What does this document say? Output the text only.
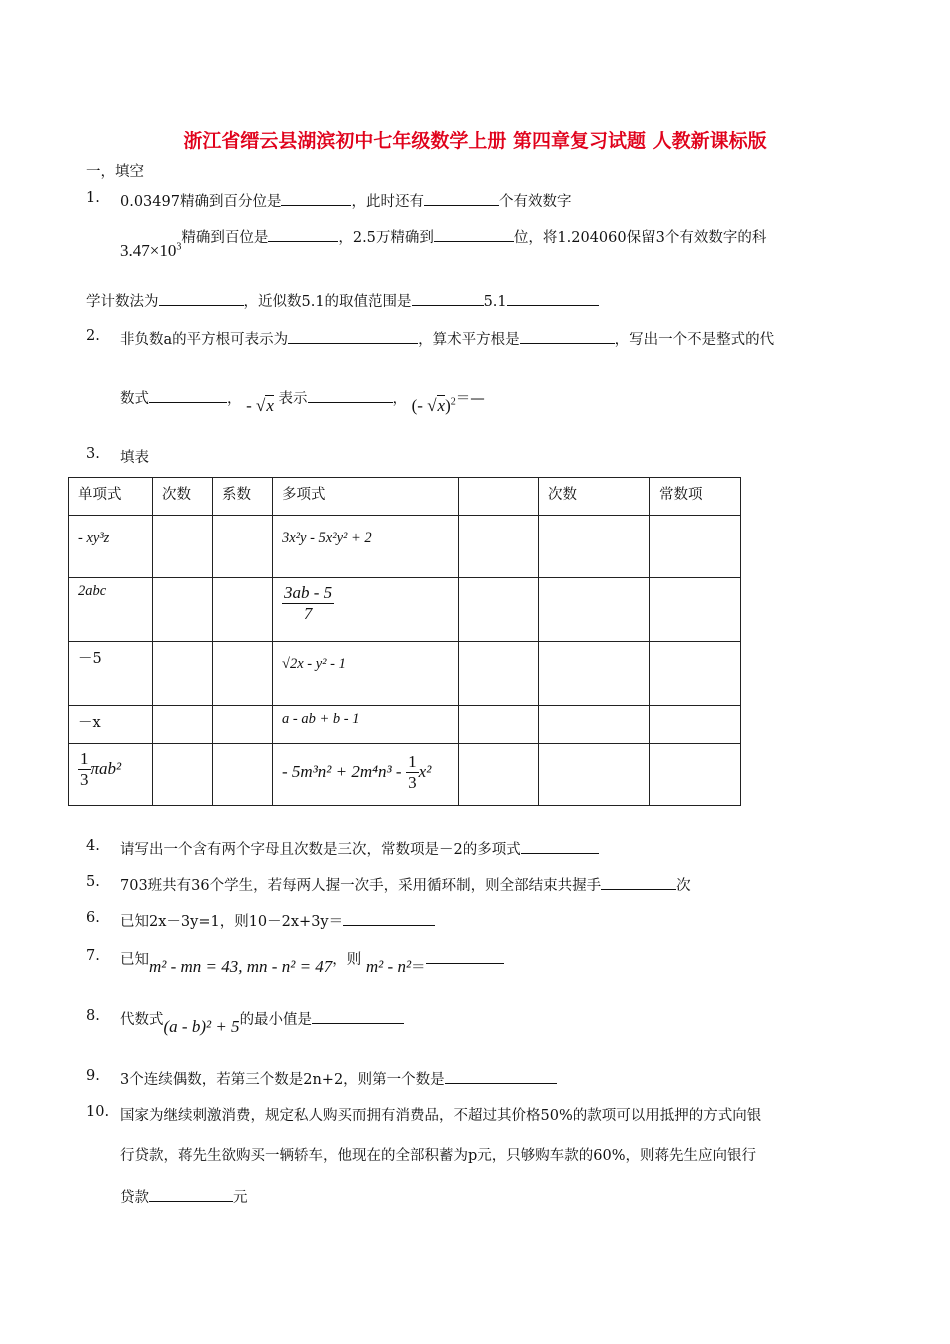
浙江省缙云县湖滨初中七年级数学上册 第四章复习试题 人教新课标版
一，填空
1. 0.03497精确到百分位是	，此时还有	个有效数字
$3.47\times 10^3$精确到百位是	，2.5万精确到	位，将1.204060保留3个有效数字的科
学计数法为	，近似数5.1的取值范围是	5.1
2. 非负数a的平方根可表示为	，算术平方根是	，写出一个不是整式的代
数式	， - √x 表示	， (- √x)$^2$＝—
3. 填表
单项式	次数	系数	多项式		次数	常数项
- xy³z			3x²y - 5x²y² + 2			
2abc			$\frac{3ab - 5}{7}$

－5			√2x - y² - 1			
－x			a - ab + b - 1			

$\frac{1}{3} \pi ab^2$			- $5m^3n^2 + 2m^4n^3 - \frac{1}{3} x^2$			
4. 请写出一个含有两个字母且次数是三次，常数项是－2的多项式
5. 703班共有36个学生，若每两人握一次手，采用循环制，则全部结束共握手	次
6. 已知2x－3y=1，则10－2x+3y＝
7. 已知m² - mn = 43, mn - n² = 47，则 m² - n²＝
8. 代数式(a - b)² + 5的最小值是
9. 3个连续偶数，若第三个数是2n+2，则第一个数是
10. 国家为继续刺激消费，规定私人购买而拥有消费品，不超过其价格50%的款项可以用抵押的方式向银
行贷款，蒋先生欲购买一辆轿车，他现在的全部积蓄为p元，只够购车款的60%，则蒋先生应向银行
贷款	元
